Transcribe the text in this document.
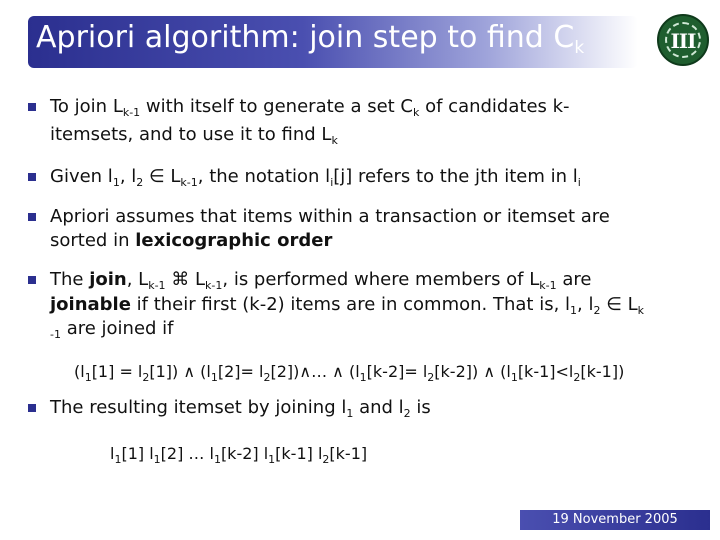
Apriori algorithm: join step to find $C_k$	III
To join $L_{k-1}$ with itself to generate a set $C_k$ of candidates k-
itemsets, and to use it to find $L_k$
Given $l_1$, $l_2$ ∈ $L_{k-1}$, the notation $l_i[j]$ refers to the jth item in $l_i$
Apriori assumes that items within a transaction or itemset are
sorted in lexicographic order
The join, $L_{k-1}$ ⌘ $L_{k-1}$, is performed where members of $L_{k-1}$ are
joinable if their first (k-2) items are in common. That is, $l_1$, $l_2$ ∈ $L_k$
$_{-1}$ are joined if
$(l_1[1] = l_2[1])$ ∧ ($l_1[2]=$ $l_2[2])\wedge\dots$ ∧ $(l_1[k-2]= l_2[k-2])$ ∧ $(l_1[k-1]<l_2[k-1])$
The resulting itemset by joining $l_1$ and $l_2$ is
$l_1[1]$ $l_1[2]$ … $l_1[k-2]$ $l_1[k-1]$ $l_2[k-1]$
19 November 2005
